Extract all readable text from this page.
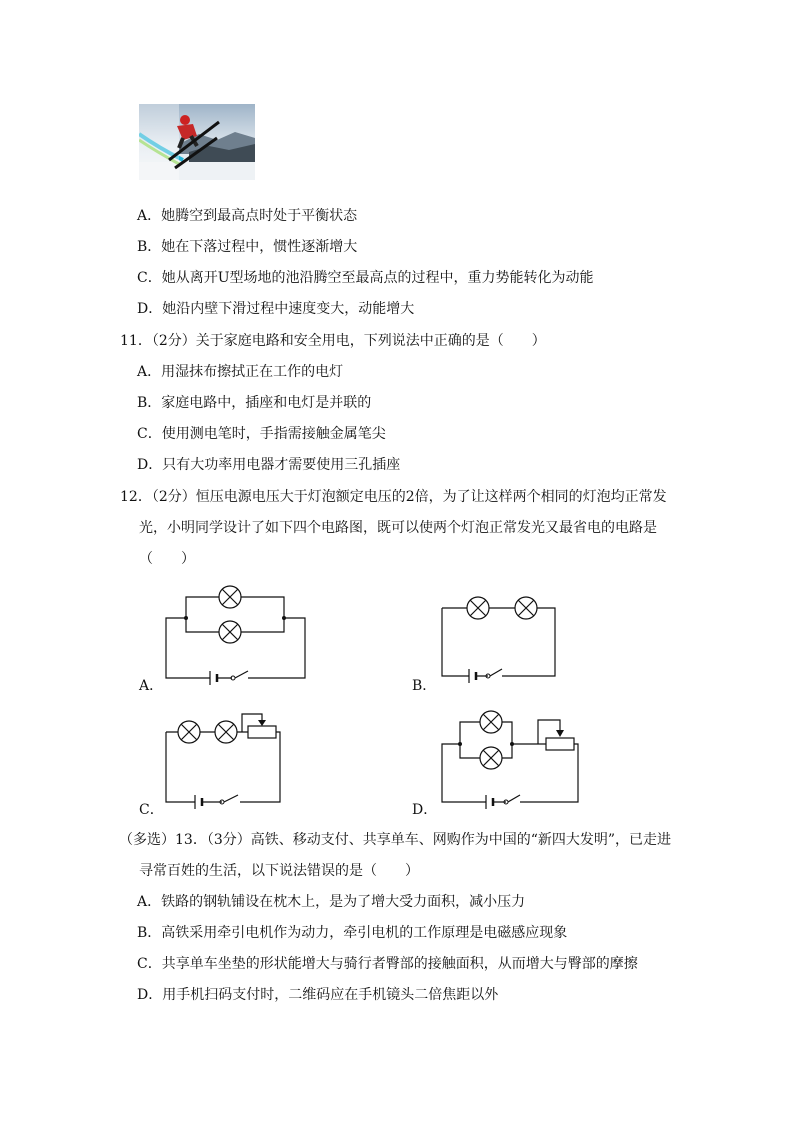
A．她腾空到最高点时处于平衡状态
B．她在下落过程中，惯性逐渐增大
C．她从离开U型场地的池沿腾空至最高点的过程中，重力势能转化为动能
D．她沿内壁下滑过程中速度变大，动能增大
11．（2分）关于家庭电路和安全用电，下列说法中正确的是（　　）
A．用湿抹布擦拭正在工作的电灯
B．家庭电路中，插座和电灯是并联的
C．使用测电笔时，手指需接触金属笔尖
D．只有大功率用电器才需要使用三孔插座
12．（2分）恒压电源电压大于灯泡额定电压的2倍，为了让这样两个相同的灯泡均正常发
光，小明同学设计了如下四个电路图，既可以使两个灯泡正常发光又最省电的电路是
（　　）
A．	B．
C．	D．
（多选）13．（3分）高铁、移动支付、共享单车、网购作为中国的“新四大发明”，已走进
寻常百姓的生活，以下说法错误的是（　　）
A．铁路的钢轨铺设在枕木上，是为了增大受力面积，减小压力
B．高铁采用牵引电机作为动力，牵引电机的工作原理是电磁感应现象
C．共享单车坐垫的形状能增大与骑行者臀部的接触面积，从而增大与臀部的摩擦
D．用手机扫码支付时，二维码应在手机镜头二倍焦距以外
